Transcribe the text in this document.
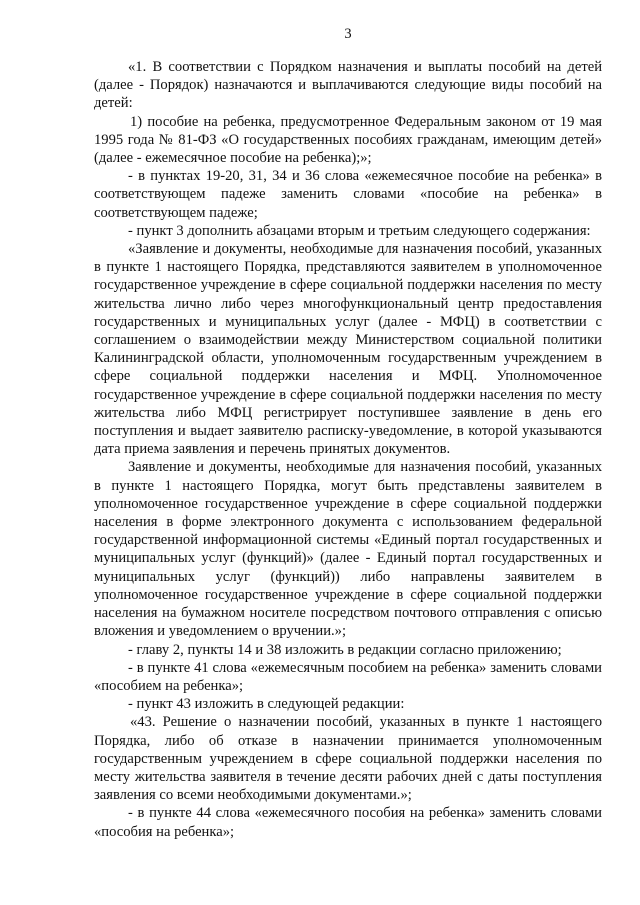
3

«1. В соответствии с Порядком назначения и выплаты пособий на детей (далее - Порядок) назначаются и выплачиваются следующие виды пособий на детей:

1) пособие на ребенка, предусмотренное Федеральным законом от 19 мая 1995 года № 81-ФЗ «О государственных пособиях гражданам, имеющим детей» (далее - ежемесячное пособие на ребенка);»;

- в пунктах 19-20, 31, 34 и 36 слова «ежемесячное пособие на ребенка» в соответствующем падеже заменить словами «пособие на ребенка» в соответствующем падеже;

- пункт 3 дополнить абзацами вторым и третьим следующего содержания:

«Заявление и документы, необходимые для назначения пособий, указанных в пункте 1 настоящего Порядка, представляются заявителем в уполномоченное государственное учреждение в сфере социальной поддержки населения по месту жительства лично либо через многофункциональный центр предоставления государственных и муниципальных услуг (далее - МФЦ) в соответствии с соглашением о взаимодействии между Министерством социальной политики Калининградской области, уполномоченным государственным учреждением в сфере социальной поддержки населения и МФЦ. Уполномоченное государственное учреждение в сфере социальной поддержки населения по месту жительства либо МФЦ регистрирует поступившее заявление в день его поступления и выдает заявителю расписку-уведомление, в которой указываются дата приема заявления и перечень принятых документов.

Заявление и документы, необходимые для назначения пособий, указанных в пункте 1 настоящего Порядка, могут быть представлены заявителем в уполномоченное государственное учреждение в сфере социальной поддержки населения в форме электронного документа с использованием федеральной государственной информационной системы «Единый портал государственных и муниципальных услуг (функций)» (далее - Единый портал государственных и муниципальных услуг (функций)) либо направлены заявителем в уполномоченное государственное учреждение в сфере социальной поддержки населения на бумажном носителе посредством почтового отправления с описью вложения и уведомлением о вручении.»;

- главу 2, пункты 14 и 38 изложить в редакции согласно приложению;

- в пункте 41 слова «ежемесячным пособием на ребенка» заменить словами «пособием на ребенка»;

- пункт 43 изложить в следующей редакции:

«43. Решение о назначении пособий, указанных в пункте 1 настоящего Порядка, либо об отказе в назначении принимается уполномоченным государственным учреждением в сфере социальной поддержки населения по месту жительства заявителя в течение десяти рабочих дней с даты поступления заявления со всеми необходимыми документами.»;

- в пункте 44 слова «ежемесячного пособия на ребенка» заменить словами «пособия на ребенка»;
